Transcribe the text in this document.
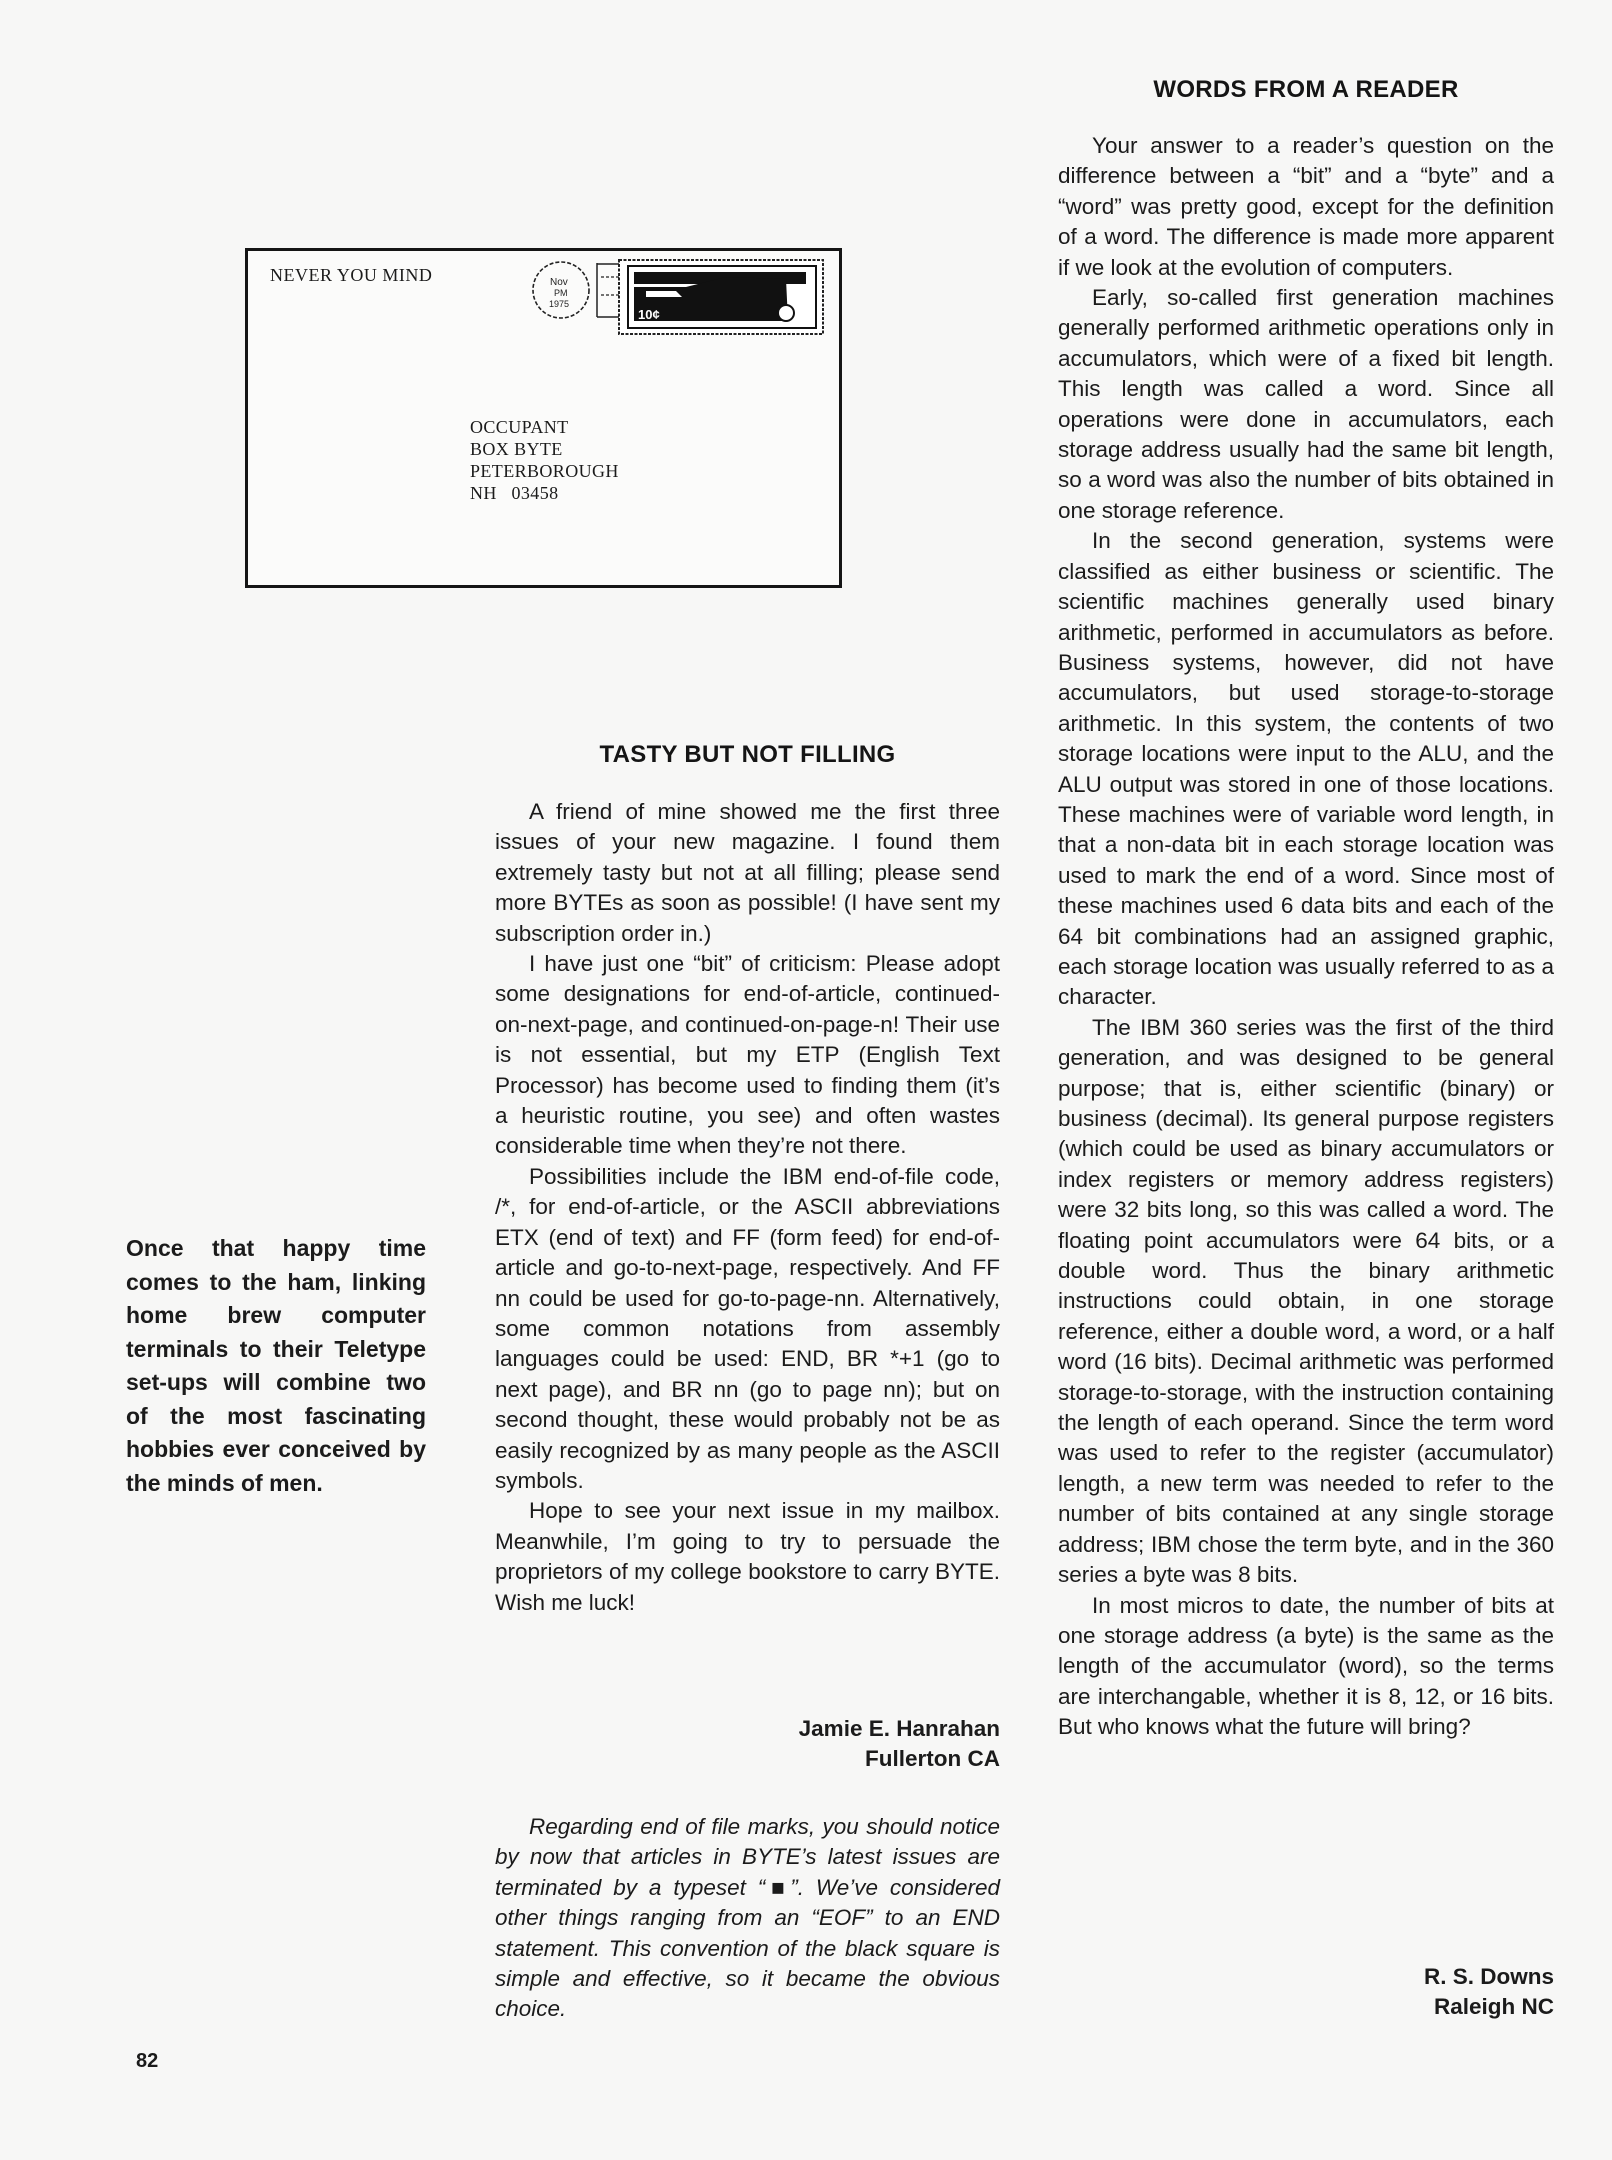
NEVER YOU MIND	Nov
PM
1975
10¢
OCCUPANT
BOX BYTE
PETERBOROUGH
NH   03458
WORDS FROM A READER

Your answer to a reader’s question on the difference between a “bit” and a “byte” and a “word” was pretty good, except for the definition of a word. The difference is made more apparent if we look at the evolution of computers.

Early, so-called first generation machines generally performed arithmetic operations only in accumulators, which were of a fixed bit length. This length was called a word. Since all operations were done in accumulators, each storage address usually had the same bit length, so a word was also the number of bits obtained in one storage reference.

In the second generation, systems were classified as either business or scientific. The scientific machines generally used binary arithmetic, performed in accumulators as before. Business systems, however, did not have accumulators, but used storage-to-storage arithmetic. In this system, the contents of two storage locations were input to the ALU, and the ALU output was stored in one of those locations. These machines were of variable word length, in that a non-data bit in each storage location was used to mark the end of a word. Since most of these machines used 6 data bits and each of the 64 bit combinations had an assigned graphic, each storage location was usually referred to as a character.

The IBM 360 series was the first of the third generation, and was designed to be general purpose; that is, either scientific (binary) or business (decimal). Its general purpose registers (which could be used as binary accumulators or index registers or memory address registers) were 32 bits long, so this was called a word. The floating point accumulators were 64 bits, or a double word. Thus the binary arithmetic instructions could obtain, in one storage reference, either a double word, a word, or a half word (16 bits). Decimal arithmetic was performed storage-to-storage, with the instruction containing the length of each operand. Since the term word was used to refer to the register (accumulator) length, a new term was needed to refer to the number of bits contained at any single storage address; IBM chose the term byte, and in the 360 series a byte was 8 bits.

In most micros to date, the number of bits at one storage address (a byte) is the same as the length of the accumulator (word), so the terms are interchangable, whether it is 8, 12, or 16 bits. But who knows what the future will bring?

R. S. Downs
Raleigh NC
TASTY BUT NOT FILLING

A friend of mine showed me the first three issues of your new magazine. I found them extremely tasty but not at all filling; please send more BYTEs as soon as possible! (I have sent my subscription order in.)

I have just one “bit” of criticism: Please adopt some designations for end-of-article, continued-on-next-page, and continued-on-page-n! Their use is not essential, but my ETP (English Text Processor) has become used to finding them (it’s a heuristic routine, you see) and often wastes considerable time when they’re not there.

Possibilities include the IBM end-of-file code, /*, for end-of-article, or the ASCII abbreviations ETX (end of text) and FF (form feed) for end-of-article and go-to-next-page, respectively. And FF nn could be used for go-to-page-nn. Alternatively, some common notations from assembly languages could be used: END, BR *+1 (go to next page), and BR nn (go to page nn); but on second thought, these would probably not be as easily recognized by as many people as the ASCII symbols.

Hope to see your next issue in my mailbox. Meanwhile, I’m going to try to persuade the proprietors of my college bookstore to carry BYTE. Wish me luck!

Jamie E. Hanrahan
Fullerton CA

Regarding end of file marks, you should notice by now that articles in BYTE’s latest issues are terminated by a typeset “■”. We’ve considered other things ranging from an “EOF” to an END statement. This convention of the black square is simple and effective, so it became the obvious choice.

Once that happy time comes to the ham, linking home brew computer terminals to their Teletype set-ups will combine two of the most fascinating hobbies ever conceived by the minds of men.
82
